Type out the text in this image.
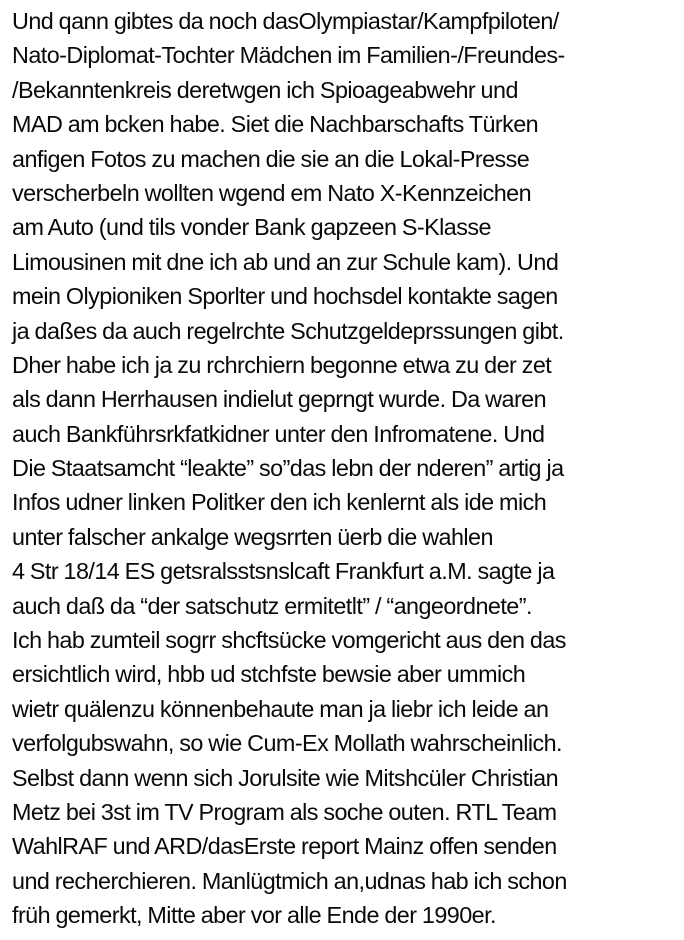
Und qann gibtes da noch dasOlympiastar/Kampfpiloten/
Nato-Diplomat-Tochter Mädchen im Familien-/Freundes-
/Bekanntenkreis deretwgen ich Spioageabwehr und
MAD am bcken habe. Siet die Nachbarschafts Türken
anfigen Fotos zu machen die sie an die Lokal-Presse
verscherbeln wollten wgend em Nato X-Kennzeichen
am Auto (und tils vonder Bank gapzeen S-Klasse
Limousinen mit dne ich ab und an zur Schule kam). Und
mein Olypioniken Sporlter und hochsdel kontakte sagen
ja daßes da auch regelrchte Schutzgeldeprssungen gibt.
Dher habe ich ja zu rchrchiern begonne etwa zu der zet
als dann Herrhausen indielut geprngt wurde. Da waren
auch Bankführsrkfatkidner unter den Infromatene. Und
Die Staatsamcht “leakte” so”das lebn der nderen” artig ja
Infos udner linken Politker den ich kenlernt als ide mich
unter falscher ankalge wegsrrten üerb die wahlen
4 Str 18/14 ES getsralsstsnslcaft Frankfurt a.M. sagte ja
auch daß da “der satschutz ermitetlt” / “angeordnete”.
Ich hab zumteil sogrr shcftsücke vomgericht aus den das
ersichtlich wird, hbb ud stchfste bewsie aber ummich
wietr quälenzu könnenbehaute man ja liebr ich leide an
verfolgubswahn, so wie Cum-Ex Mollath wahrscheinlich.
Selbst dann wenn sich Jorulsite wie Mitshcüler Christian
Metz bei 3st im TV Program als soche outen. RTL Team
WahlRAF und ARD/dasErste report Mainz offen senden
und recherchieren. Manlügtmich an,udnas hab ich schon
früh gemerkt, Mitte aber vor alle Ende der 1990er.
